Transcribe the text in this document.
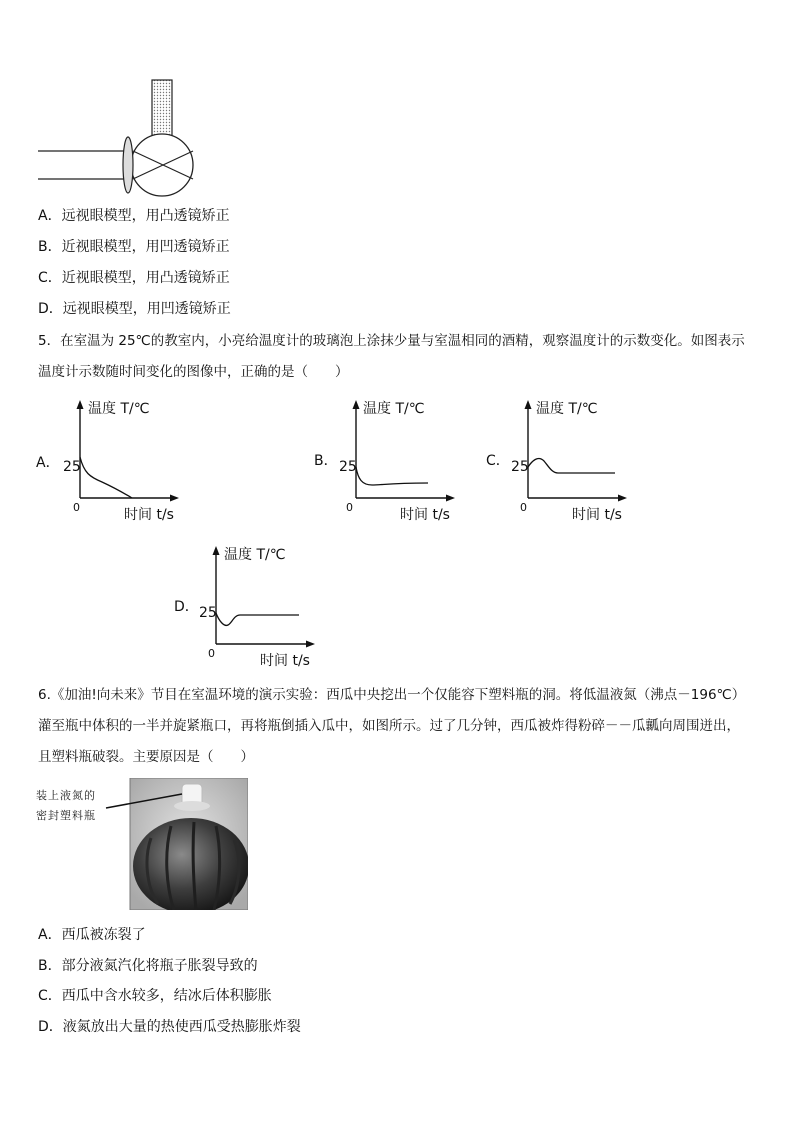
A．远视眼模型，用凸透镜矫正
B．近视眼模型，用凹透镜矫正
C．近视眼模型，用凸透镜矫正
D．远视眼模型，用凹透镜矫正
5．在室温为 25℃的教室内，小亮给温度计的玻璃泡上涂抹少量与室温相同的酒精，观察温度计的示数变化。如图表示
温度计示数随时间变化的图像中，正确的是（　　）
A．
温度 T/℃
25
0	时间 t/s
B．
温度 T/℃
25
0	时间 t/s
C．
温度 T/℃
25
0	时间 t/s
D．
温度 T/℃
25
0	时间 t/s
6.《加油!向未来》节目在室温环境的演示实验：西瓜中央挖出一个仅能容下塑料瓶的洞。将低温液氮（沸点－196℃）
灌至瓶中体积的一半并旋紧瓶口，再将瓶倒插入瓜中，如图所示。过了几分钟，西瓜被炸得粉碎－－瓜瓤向周围迸出，
且塑料瓶破裂。主要原因是（　　）
装上液氮的
密封塑料瓶
A．西瓜被冻裂了
B．部分液氮汽化将瓶子胀裂导致的
C．西瓜中含水较多，结冰后体积膨胀
D．液氮放出大量的热使西瓜受热膨胀炸裂
